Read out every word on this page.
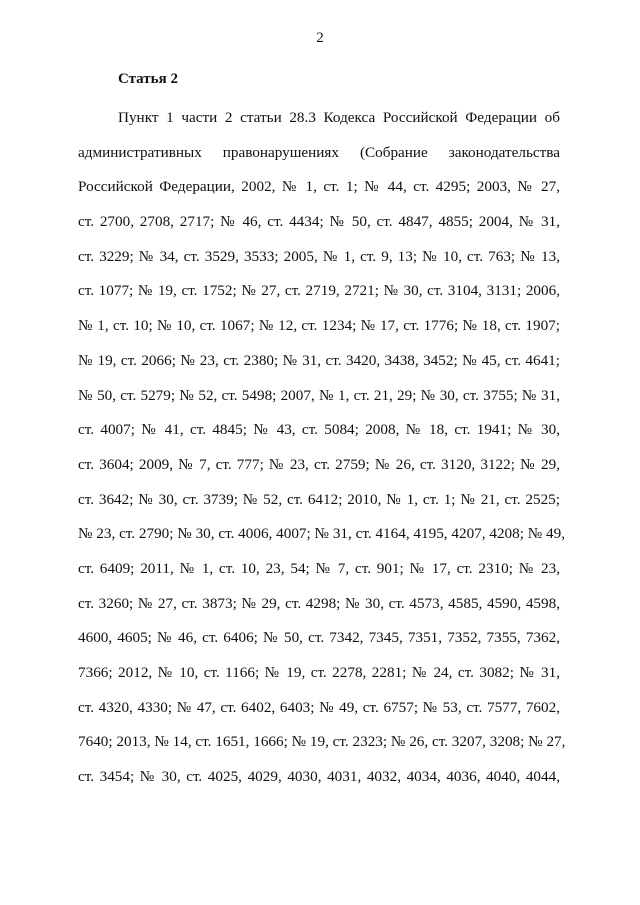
2
Статья 2
Пункт 1 части 2 статьи 28.3 Кодекса Российской Федерации об
административных правонарушениях (Собрание законодательства
Российской Федерации, 2002, № 1, ст. 1; № 44, ст. 4295; 2003, № 27,
ст. 2700, 2708, 2717; № 46, ст. 4434; № 50, ст. 4847, 4855; 2004, № 31,
ст. 3229; № 34, ст. 3529, 3533; 2005, № 1, ст. 9, 13; № 10, ст. 763; № 13,
ст. 1077; № 19, ст. 1752; № 27, ст. 2719, 2721; № 30, ст. 3104, 3131; 2006,
№ 1, ст. 10; № 10, ст. 1067; № 12, ст. 1234; № 17, ст. 1776; № 18, ст. 1907;
№ 19, ст. 2066; № 23, ст. 2380; № 31, ст. 3420, 3438, 3452; № 45, ст. 4641;
№ 50, ст. 5279; № 52, ст. 5498; 2007, № 1, ст. 21, 29; № 30, ст. 3755; № 31,
ст. 4007; № 41, ст. 4845; № 43, ст. 5084; 2008, № 18, ст. 1941; № 30,
ст. 3604; 2009, № 7, ст. 777; № 23, ст. 2759; № 26, ст. 3120, 3122; № 29,
ст. 3642; № 30, ст. 3739; № 52, ст. 6412; 2010, № 1, ст. 1; № 21, ст. 2525;
№ 23, ст. 2790; № 30, ст. 4006, 4007; № 31, ст. 4164, 4195, 4207, 4208; № 49,
ст. 6409; 2011, № 1, ст. 10, 23, 54; № 7, ст. 901; № 17, ст. 2310; № 23,
ст. 3260; № 27, ст. 3873; № 29, ст. 4298; № 30, ст. 4573, 4585, 4590, 4598,
4600, 4605; № 46, ст. 6406; № 50, ст. 7342, 7345, 7351, 7352, 7355, 7362,
7366; 2012, № 10, ст. 1166; № 19, ст. 2278, 2281; № 24, ст. 3082; № 31,
ст. 4320, 4330; № 47, ст. 6402, 6403; № 49, ст. 6757; № 53, ст. 7577, 7602,
7640; 2013, № 14, ст. 1651, 1666; № 19, ст. 2323; № 26, ст. 3207, 3208; № 27,
ст. 3454; № 30, ст. 4025, 4029, 4030, 4031, 4032, 4034, 4036, 4040, 4044,
